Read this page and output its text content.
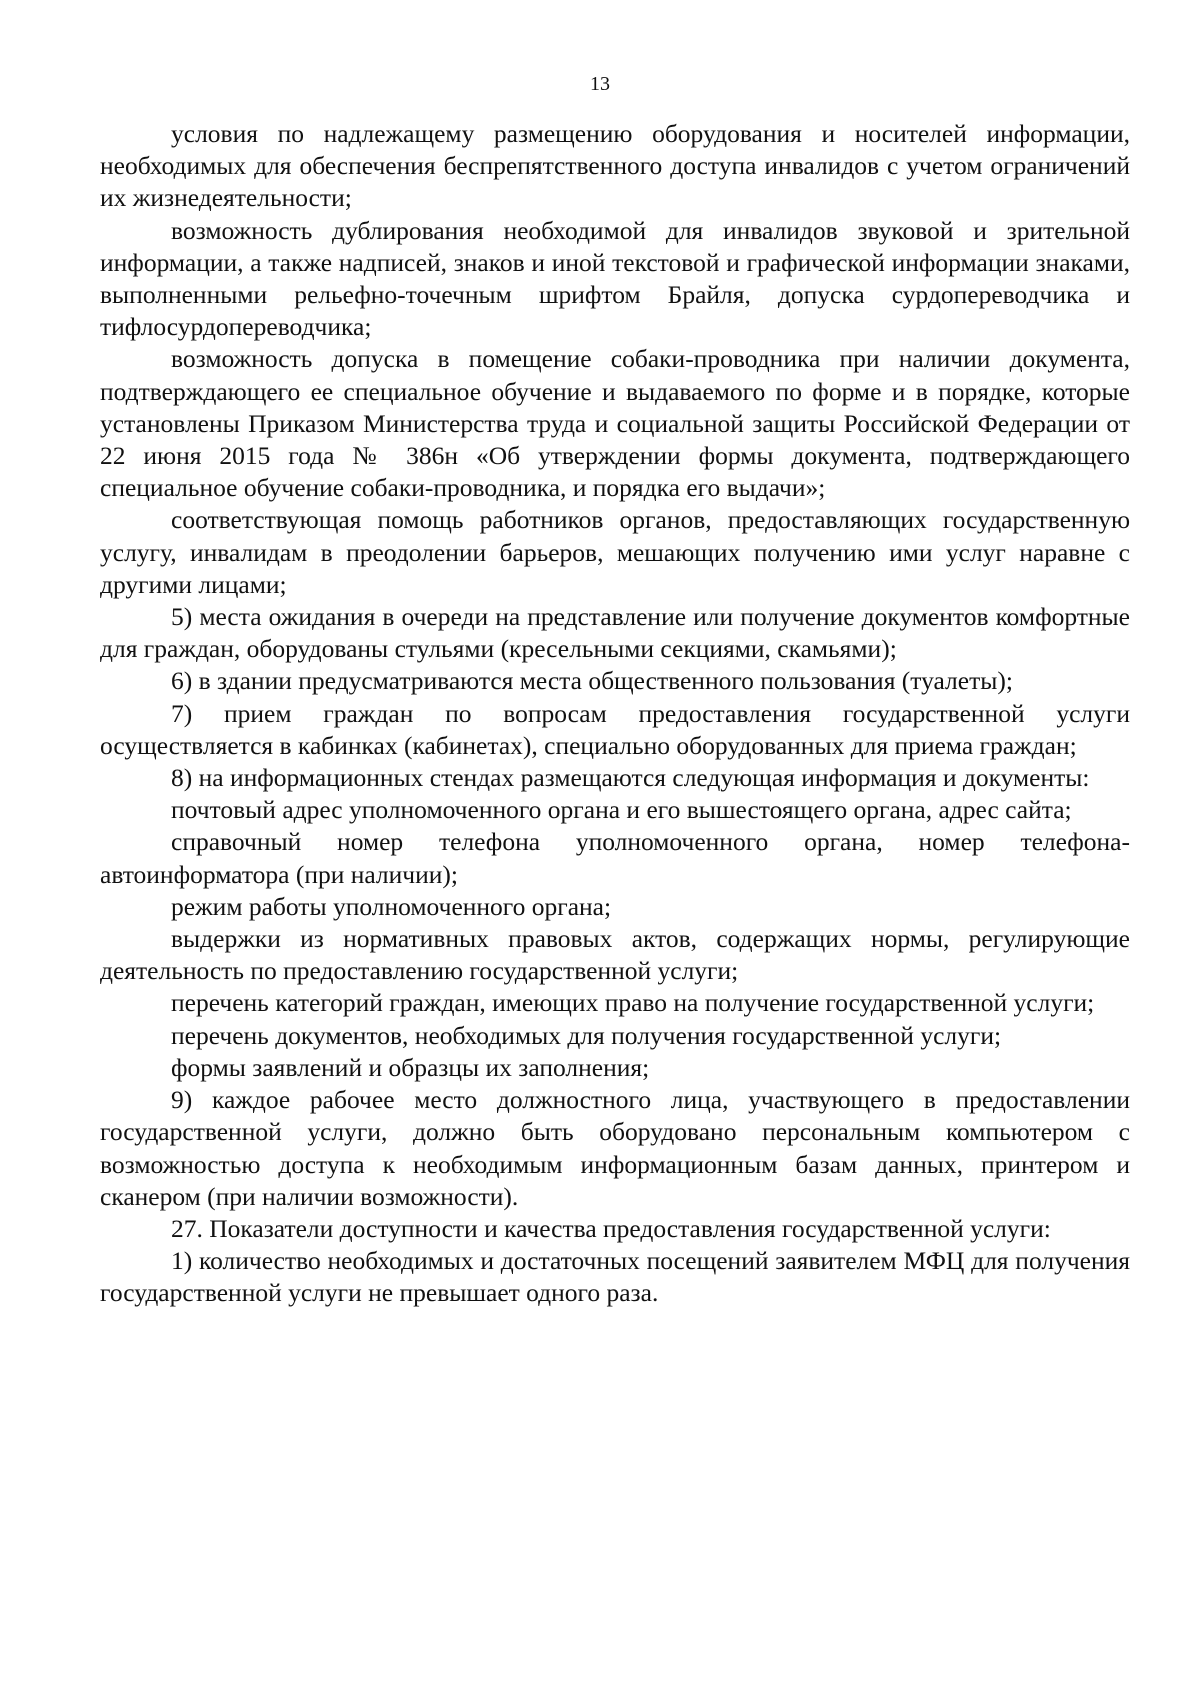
13

условия по надлежащему размещению оборудования и носителей информации, необходимых для обеспечения беспрепятственного доступа инвалидов с учетом ограничений их жизнедеятельности;

возможность дублирования необходимой для инвалидов звуковой и зрительной информации, а также надписей, знаков и иной текстовой и графической информации знаками, выполненными рельефно-точечным шрифтом Брайля, допуска сурдопереводчика и тифлосурдопереводчика;

возможность допуска в помещение собаки-проводника при наличии документа, подтверждающего ее специальное обучение и выдаваемого по форме и в порядке, которые установлены Приказом Министерства труда и социальной защиты Российской Федерации от 22 июня 2015 года № 386н «Об утверждении формы документа, подтверждающего специальное обучение собаки-проводника, и порядка его выдачи»;

соответствующая помощь работников органов, предоставляющих государственную услугу, инвалидам в преодолении барьеров, мешающих получению ими услуг наравне с другими лицами;

5) места ожидания в очереди на представление или получение документов комфортные для граждан, оборудованы стульями (кресельными секциями, скамьями);

6) в здании предусматриваются места общественного пользования (туалеты);

7) прием граждан по вопросам предоставления государственной услуги осуществляется в кабинках (кабинетах), специально оборудованных для приема граждан;

8) на информационных стендах размещаются следующая информация и документы:

почтовый адрес уполномоченного органа и его вышестоящего органа, адрес сайта;

справочный номер телефона уполномоченного органа, номер телефона-автоинформатора (при наличии);

режим работы уполномоченного органа;

выдержки из нормативных правовых актов, содержащих нормы, регулирующие деятельность по предоставлению государственной услуги;

перечень категорий граждан, имеющих право на получение государственной услуги;

перечень документов, необходимых для получения государственной услуги;

формы заявлений и образцы их заполнения;

9) каждое рабочее место должностного лица, участвующего в предоставлении государственной услуги, должно быть оборудовано персональным компьютером с возможностью доступа к необходимым информационным базам данных, принтером и сканером (при наличии возможности).

27. Показатели доступности и качества предоставления государственной услуги:

1) количество необходимых и достаточных посещений заявителем МФЦ для получения государственной услуги не превышает одного раза.
